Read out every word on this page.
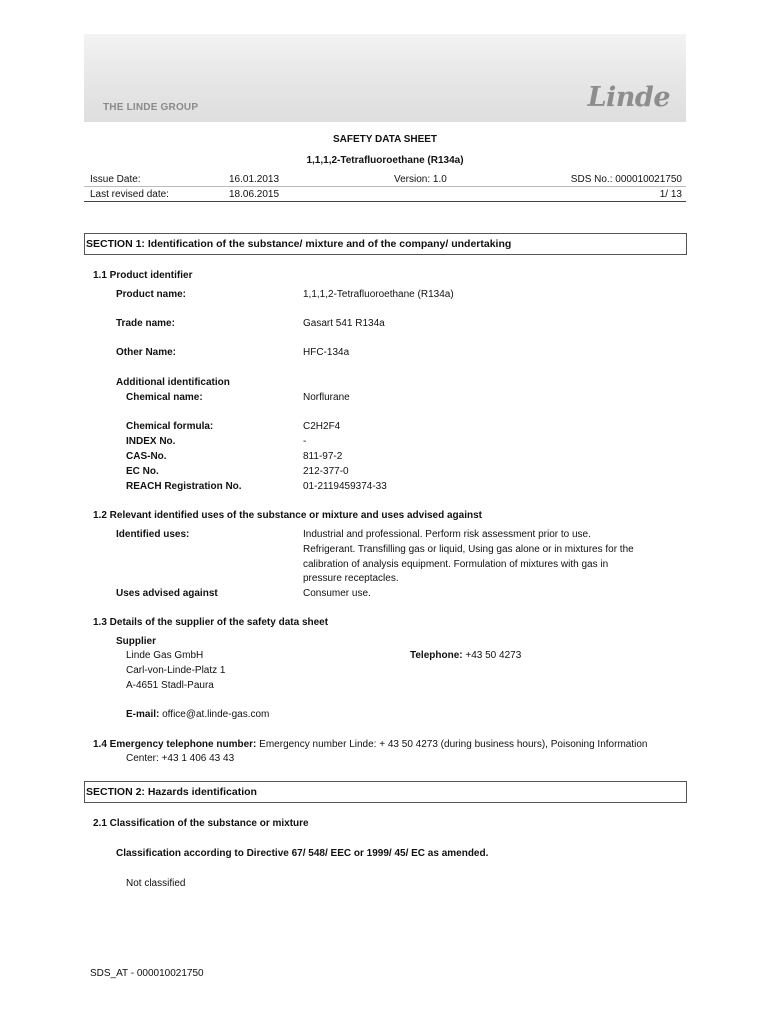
THE LINDE GROUP	Linde
SAFETY DATA SHEET
1,1,1,2-Tetrafluoroethane (R134a)
Issue Date:	16.01.2013	Version: 1.0	SDS No.: 000010021750
Last revised date:	18.06.2015	1/ 13
SECTION 1: Identification of the substance/ mixture and of the company/ undertaking
1.1 Product identifier
Product name:	1,1,1,2-Tetrafluoroethane (R134a)
Trade name:	Gasart 541 R134a
Other Name:	HFC-134a
Additional identification
Chemical name:	Norflurane
Chemical formula:	C2H2F4
INDEX No.	-
CAS-No.	811-97-2
EC No.	212-377-0
REACH Registration No.	01-2119459374-33
1.2 Relevant identified uses of the substance or mixture and uses advised against
Identified uses:	Industrial and professional. Perform risk assessment prior to use.
Refrigerant. Transfilling gas or liquid, Using gas alone or in mixtures for the
calibration of analysis equipment. Formulation of mixtures with gas in
pressure receptacles.
Uses advised against	Consumer use.
1.3 Details of the supplier of the safety data sheet
Supplier
Linde Gas GmbH	Telephone: +43 50 4273
Carl-von-Linde-Platz 1
A-4651 Stadl-Paura
E-mail: office@at.linde-gas.com
1.4 Emergency telephone number: Emergency number Linde: + 43 50 4273 (during business hours), Poisoning Information
Center: +43 1 406 43 43
SECTION 2: Hazards identification
2.1 Classification of the substance or mixture
Classification according to Directive 67/ 548/ EEC or 1999/ 45/ EC as amended.
Not classified
SDS_AT - 000010021750
